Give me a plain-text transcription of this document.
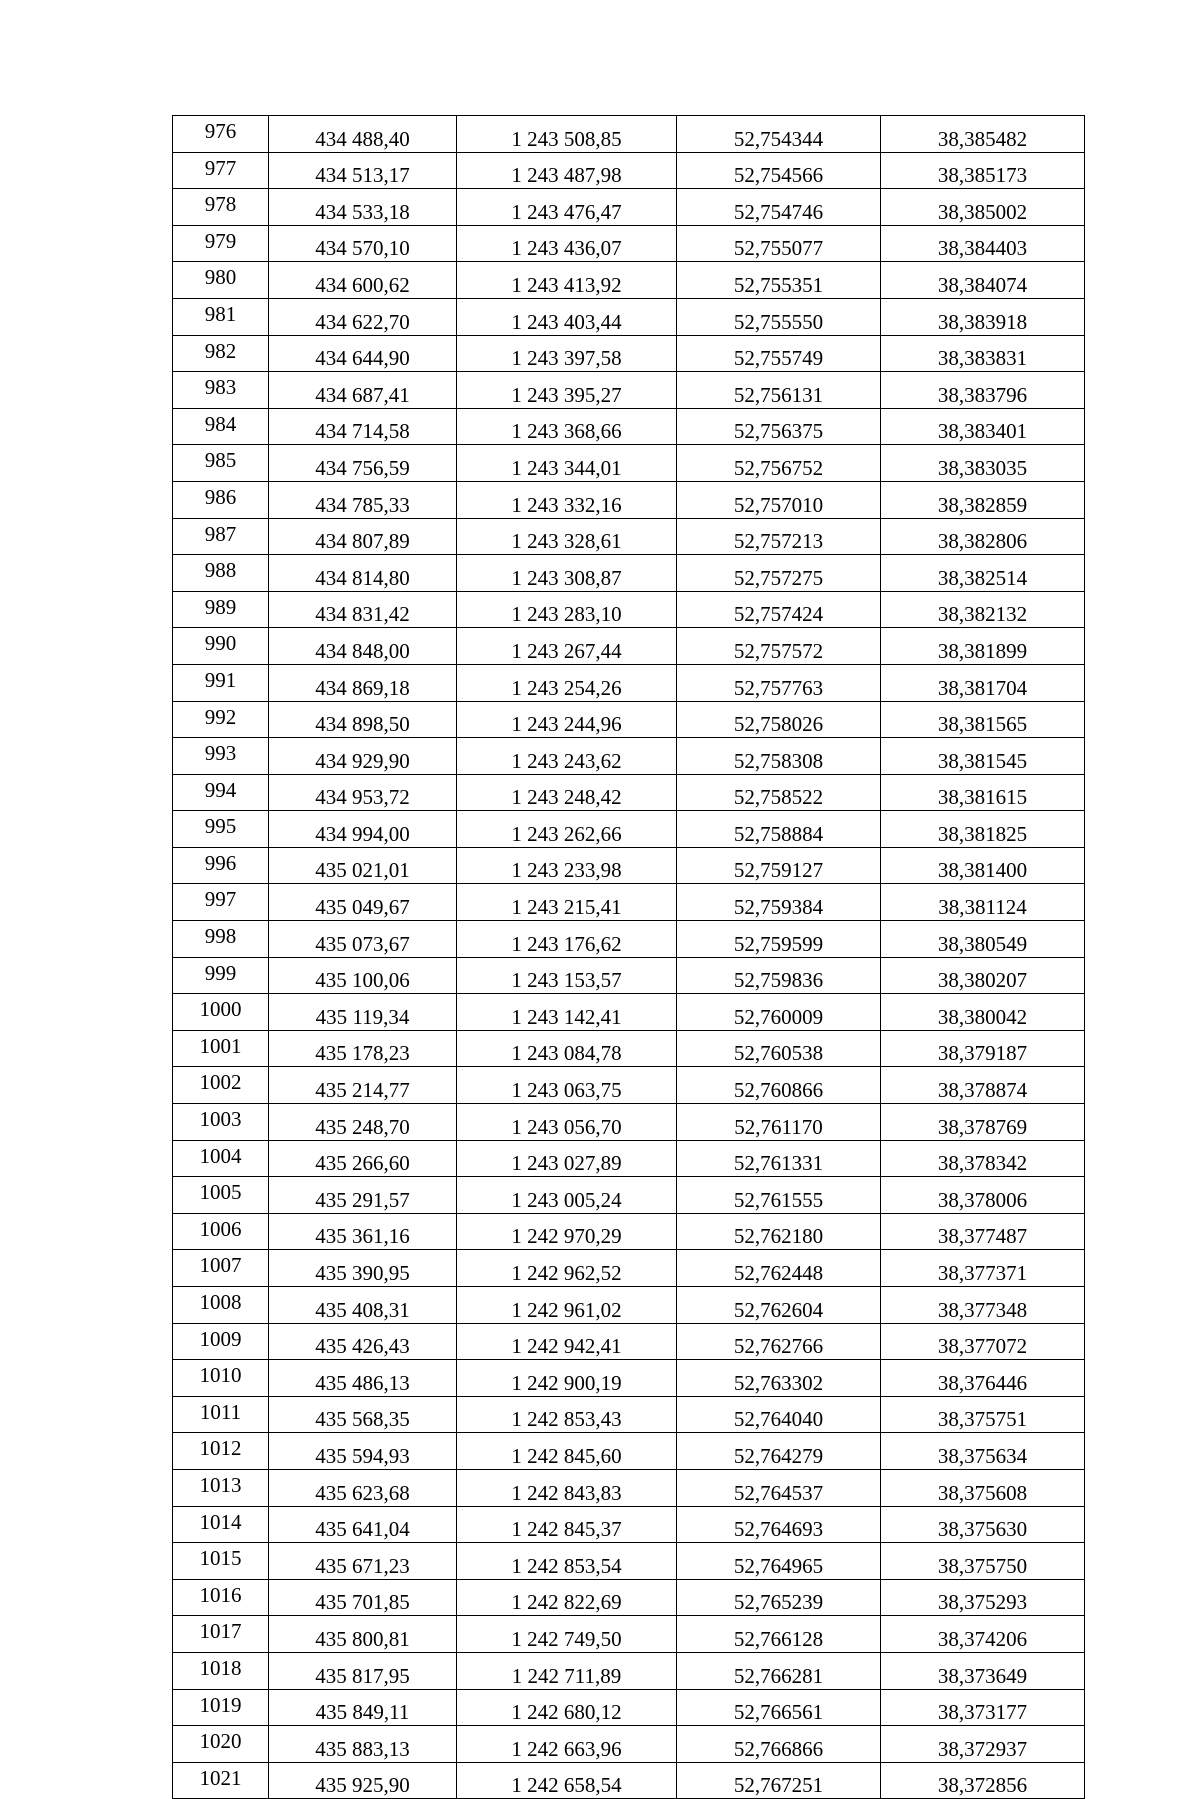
976	434 488,40	1 243 508,85	52,754344	38,385482
977	434 513,17	1 243 487,98	52,754566	38,385173
978	434 533,18	1 243 476,47	52,754746	38,385002
979	434 570,10	1 243 436,07	52,755077	38,384403
980	434 600,62	1 243 413,92	52,755351	38,384074
981	434 622,70	1 243 403,44	52,755550	38,383918
982	434 644,90	1 243 397,58	52,755749	38,383831
983	434 687,41	1 243 395,27	52,756131	38,383796
984	434 714,58	1 243 368,66	52,756375	38,383401
985	434 756,59	1 243 344,01	52,756752	38,383035
986	434 785,33	1 243 332,16	52,757010	38,382859
987	434 807,89	1 243 328,61	52,757213	38,382806
988	434 814,80	1 243 308,87	52,757275	38,382514
989	434 831,42	1 243 283,10	52,757424	38,382132
990	434 848,00	1 243 267,44	52,757572	38,381899
991	434 869,18	1 243 254,26	52,757763	38,381704
992	434 898,50	1 243 244,96	52,758026	38,381565
993	434 929,90	1 243 243,62	52,758308	38,381545
994	434 953,72	1 243 248,42	52,758522	38,381615
995	434 994,00	1 243 262,66	52,758884	38,381825
996	435 021,01	1 243 233,98	52,759127	38,381400
997	435 049,67	1 243 215,41	52,759384	38,381124
998	435 073,67	1 243 176,62	52,759599	38,380549
999	435 100,06	1 243 153,57	52,759836	38,380207
1000	435 119,34	1 243 142,41	52,760009	38,380042
1001	435 178,23	1 243 084,78	52,760538	38,379187
1002	435 214,77	1 243 063,75	52,760866	38,378874
1003	435 248,70	1 243 056,70	52,761170	38,378769
1004	435 266,60	1 243 027,89	52,761331	38,378342
1005	435 291,57	1 243 005,24	52,761555	38,378006
1006	435 361,16	1 242 970,29	52,762180	38,377487
1007	435 390,95	1 242 962,52	52,762448	38,377371
1008	435 408,31	1 242 961,02	52,762604	38,377348
1009	435 426,43	1 242 942,41	52,762766	38,377072
1010	435 486,13	1 242 900,19	52,763302	38,376446
1011	435 568,35	1 242 853,43	52,764040	38,375751
1012	435 594,93	1 242 845,60	52,764279	38,375634
1013	435 623,68	1 242 843,83	52,764537	38,375608
1014	435 641,04	1 242 845,37	52,764693	38,375630
1015	435 671,23	1 242 853,54	52,764965	38,375750
1016	435 701,85	1 242 822,69	52,765239	38,375293
1017	435 800,81	1 242 749,50	52,766128	38,374206
1018	435 817,95	1 242 711,89	52,766281	38,373649
1019	435 849,11	1 242 680,12	52,766561	38,373177
1020	435 883,13	1 242 663,96	52,766866	38,372937
1021	435 925,90	1 242 658,54	52,767251	38,372856
